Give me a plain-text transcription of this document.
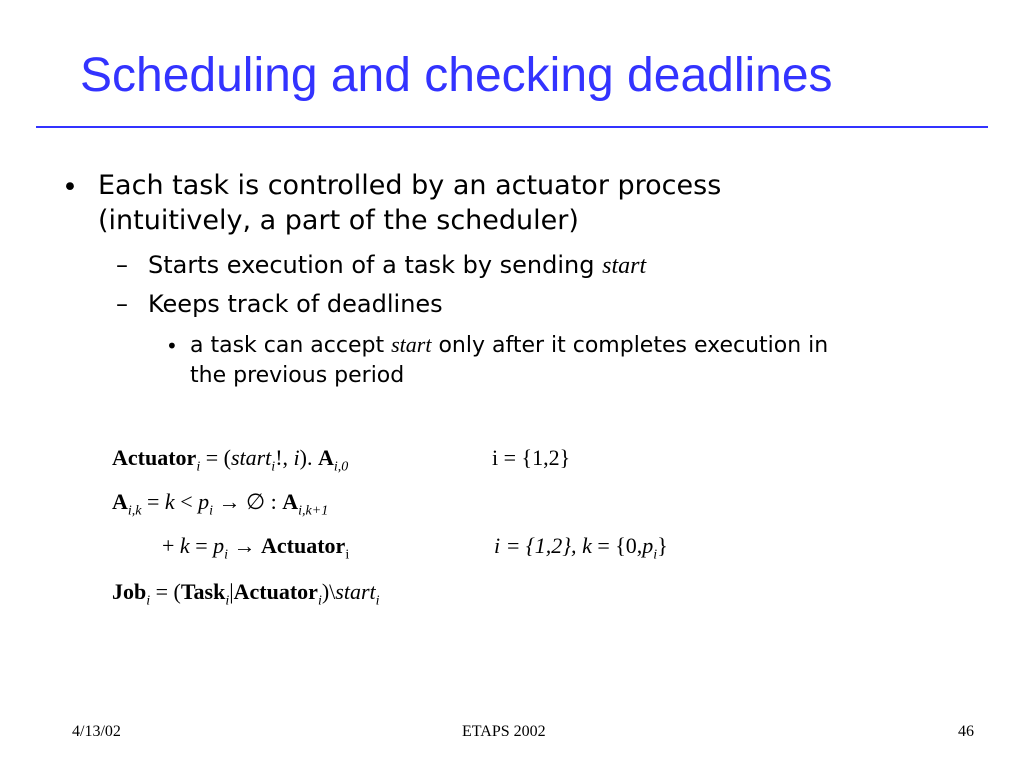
Scheduling and checking deadlines
• Each task is controlled by an actuator process
(intuitively, a part of the scheduler)
– Starts execution of a task by sending start
– Keeps track of deadlines
• a task can accept start only after it completes execution in
the previous period
Actuator$_i$ = (start$_i$!, i). $A_{i,0}$	i = {1,2}
$A_{i,k} = k < p_i$ → ∅ : $A_{i,k+1}$
+ $k = p_i$ → Actuator$_i$	i = {1,2}, $k = \{0,p_i\}$
Job$_i$ = (Task$_i$|Actuator$_i$)\start$_i$
4/13/02	ETAPS 2002	46
